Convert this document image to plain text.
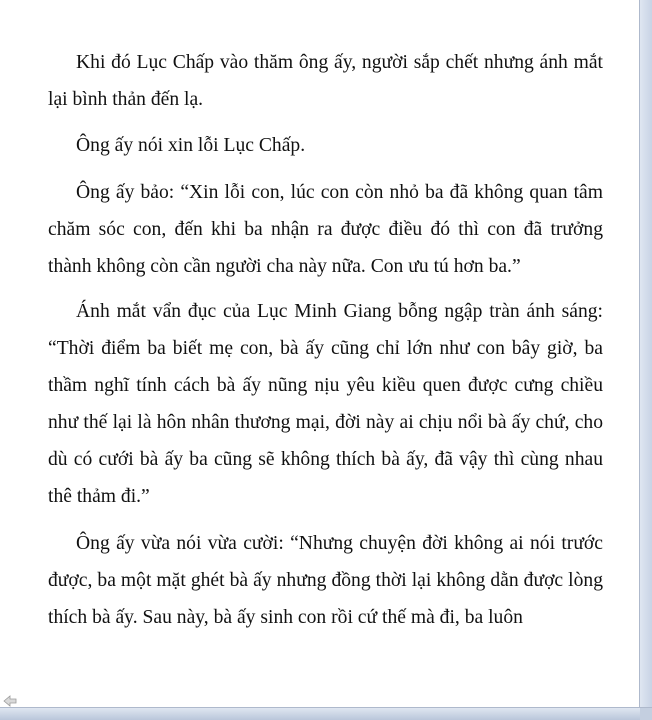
Khi đó Lục Chấp vào thăm ông ấy, người sắp chết nhưng ánh mắt lại bình thản đến lạ.

Ông ấy nói xin lỗi Lục Chấp.

Ông ấy bảo: “Xin lỗi con, lúc con còn nhỏ ba đã không quan tâm chăm sóc con, đến khi ba nhận ra được điều đó thì con đã trưởng thành không còn cần người cha này nữa. Con ưu tú hơn ba.”

Ánh mắt vẩn đục của Lục Minh Giang bỗng ngập tràn ánh sáng: “Thời điểm ba biết mẹ con, bà ấy cũng chỉ lớn như con bây giờ, ba thầm nghĩ tính cách bà ấy nũng nịu yêu kiều quen được cưng chiều như thế lại là hôn nhân thương mại, đời này ai chịu nổi bà ấy chứ, cho dù có cưới bà ấy ba cũng sẽ không thích bà ấy, đã vậy thì cùng nhau thê thảm đi.”

Ông ấy vừa nói vừa cười: “Nhưng chuyện đời không ai nói trước được, ba một mặt ghét bà ấy nhưng đồng thời lại không dằn được lòng thích bà ấy. Sau này, bà ấy sinh con rồi cứ thế mà đi, ba luôn
